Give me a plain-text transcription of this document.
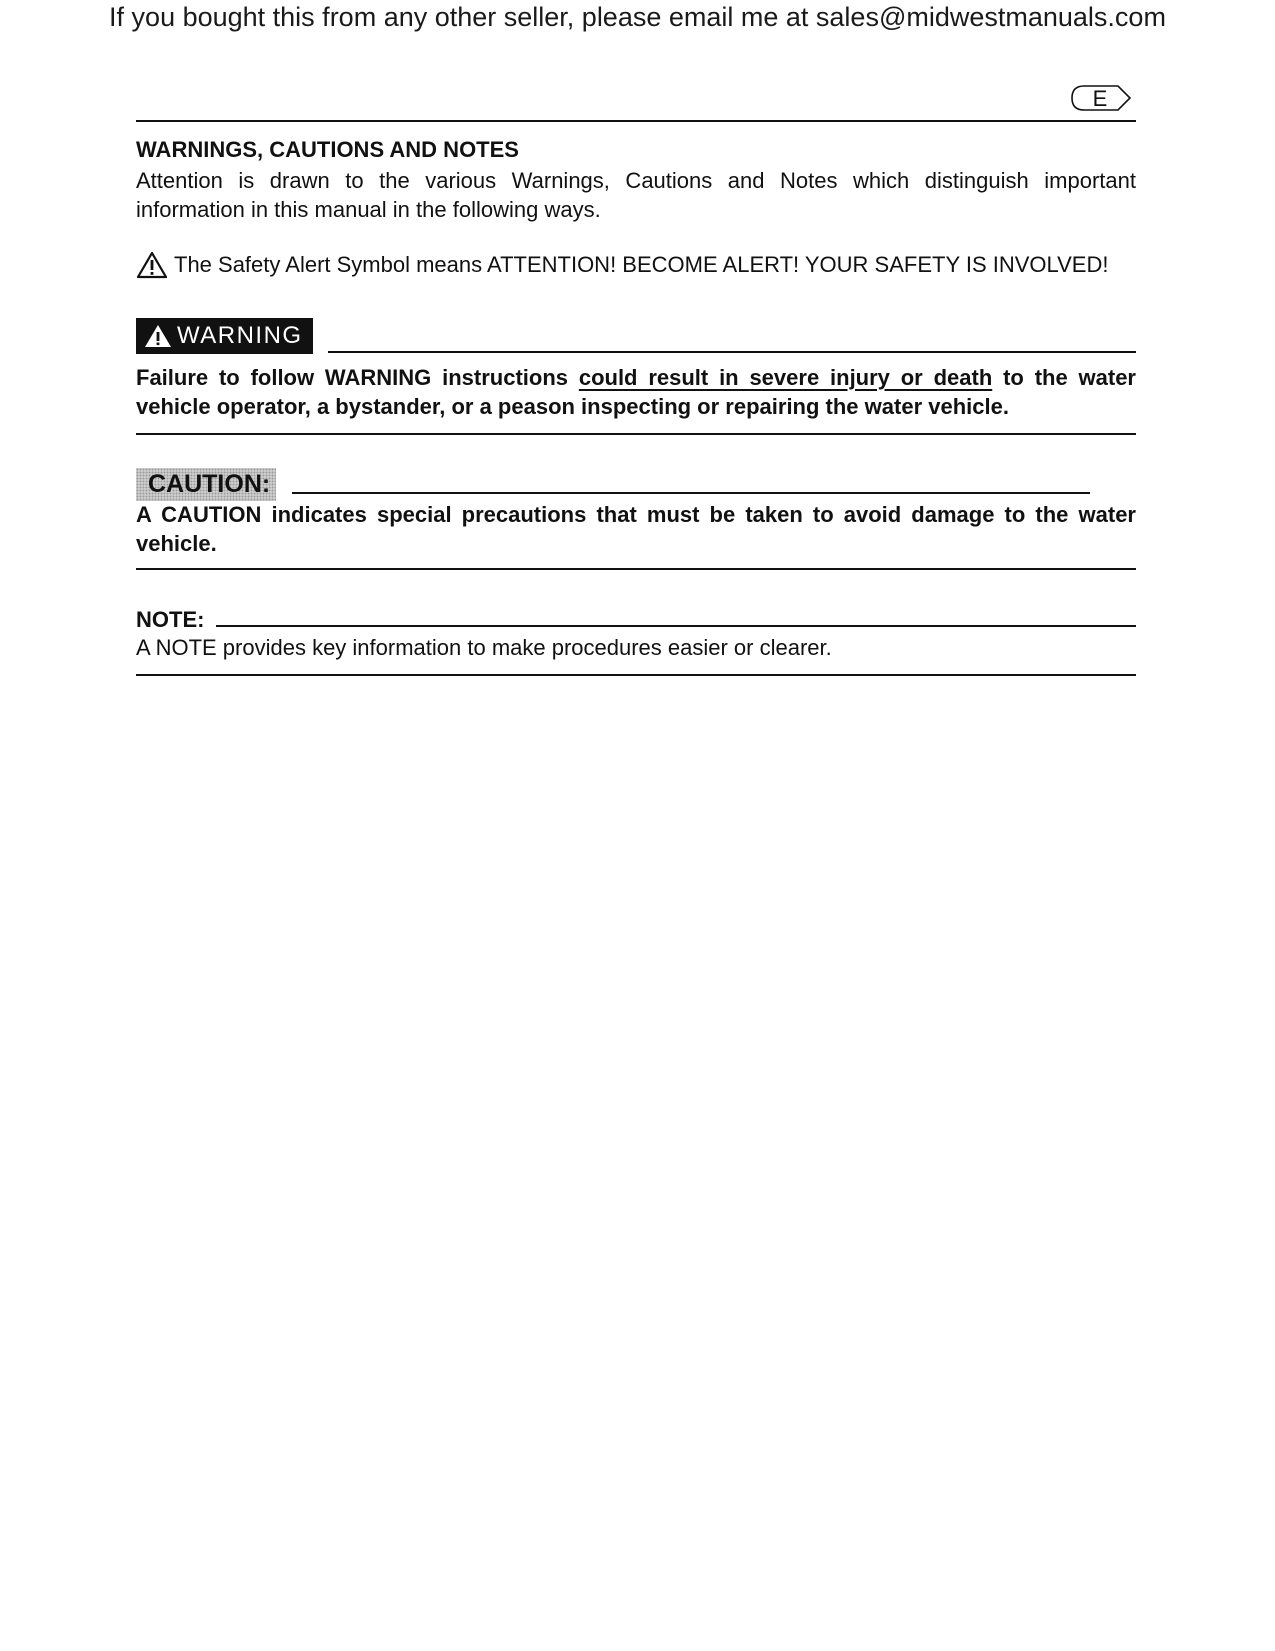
If you bought this from any other seller, please email me at sales@midwestmanuals.com
E
WARNINGS, CAUTIONS AND NOTES
Attention is drawn to the various Warnings, Cautions and Notes which distinguish important information in this manual in the following ways.
The Safety Alert Symbol means ATTENTION! BECOME ALERT! YOUR SAFETY IS INVOLVED!
WARNING
Failure to follow WARNING instructions could result in severe injury or death to the water vehicle operator, a bystander, or a peason inspecting or repairing the water vehicle.
CAUTION:
A CAUTION indicates special precautions that must be taken to avoid damage to the water vehicle.
NOTE:
A NOTE provides key information to make procedures easier or clearer.
